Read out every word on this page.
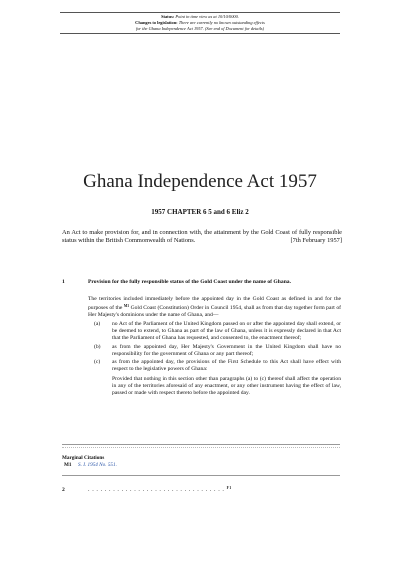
Status: Point in time view as at 10/10/0000.
Changes to legislation: There are currently no known outstanding effects
for the Ghana Independence Act 1957. (See end of Document for details)
Ghana Independence Act 1957
1957 CHAPTER 6 5 and 6 Eliz 2
An Act to make provision for, and in connection with, the attainment by the Gold Coast of fully responsible status within the British Commonwealth of Nations.	[7th February 1957]
1	Provision for the fully responsible status of the Gold Coast under the name of Ghana.

The territories included immediately before the appointed day in the Gold Coast as defined in and for the purposes of the $^{M1}$ Gold Coast (Constitution) Order in Council 1954, shall as from that day together form part of Her Majesty's dominions under the name of Ghana, and—

(a)	no Act of the Parliament of the United Kingdom passed on or after the appointed day shall extend, or be deemed to extend, to Ghana as part of the law of Ghana, unless it is expressly declared in that Act that the Parliament of Ghana has requested, and consented to, the enactment thereof;
(b)	as from the appointed day, Her Majesty's Government in the United Kingdom shall have no responsibility for the government of Ghana or any part thereof;
(c)	as from the appointed day, the provisions of the First Schedule to this Act shall have effect with respect to the legislative powers of Ghana:
Provided that nothing in this section other than paragraphs (a) to (c) thereof shall affect the operation in any of the territories aforesaid of any enactment, or any other instrument having the effect of law, passed or made with respect thereto before the appointed day.
Marginal Citations
M1	S. I. 1954 No. 551.
2	. . . . . . . . . . . . . . . . . . . . . . . . . . . . . . . . . $^{F1}$
